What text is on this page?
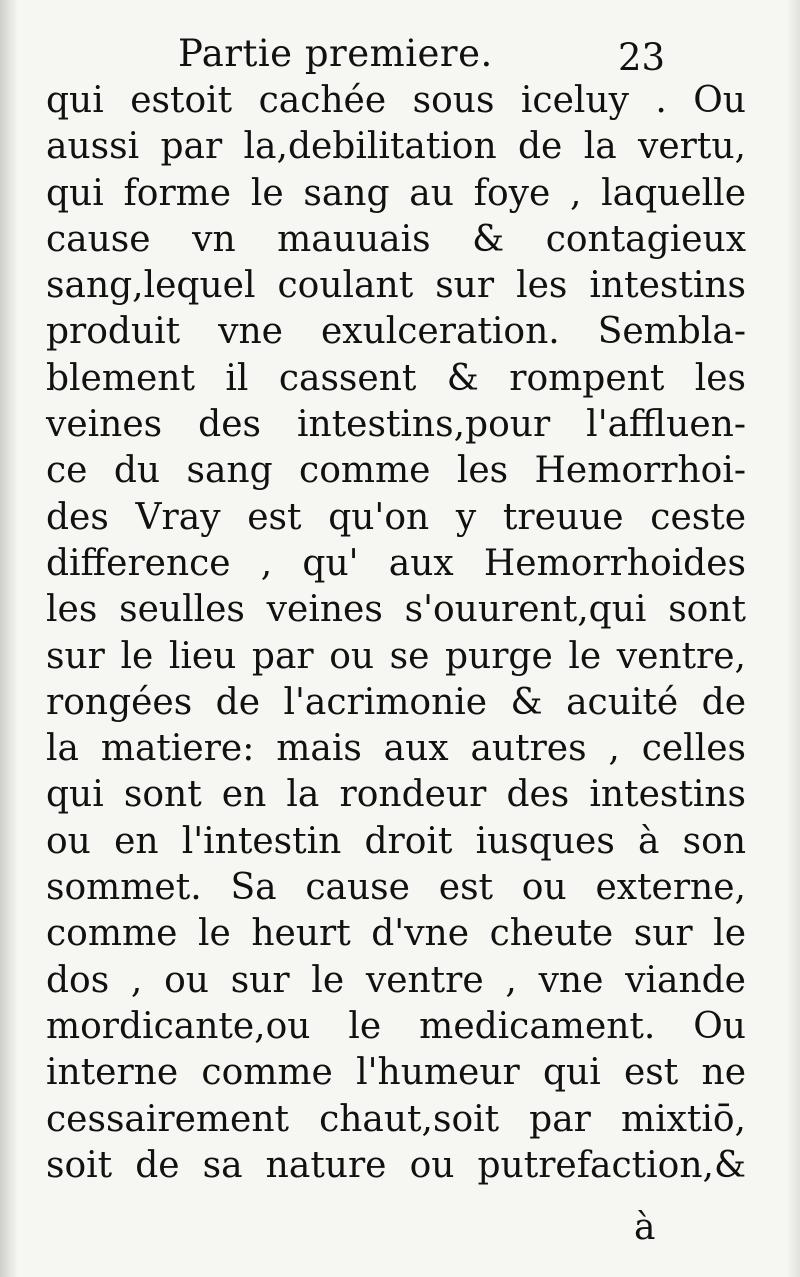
Partie premiere.	23
qui estoit cachée sous iceluy . Ou
aussi par la,debilitation de la vertu,
qui forme le sang au foye , laquelle
cause vn mauuais & contagieux
sang,lequel coulant sur les intestins
produit vne exulceration. Sembla-
blement il cassent & rompent les
veines des intestins,pour l'affluen-
ce du sang comme les Hemorrhoi-
des Vray est qu'on y treuue ceste
difference , qu' aux Hemorrhoides
les seulles veines s'ouurent,qui sont
sur le lieu par ou se purge le ventre,
rongées de l'acrimonie & acuité de
la matiere: mais aux autres , celles
qui sont en la rondeur des intestins
ou en l'intestin droit iusques à son
sommet. Sa cause est ou externe,
comme le heurt d'vne cheute sur le
dos , ou sur le ventre , vne viande
mordicante,ou le medicament. Ou
interne comme l'humeur qui est ne
cessairement chaut,soit par mixtiō,
soit de sa nature ou putrefaction,&
à
